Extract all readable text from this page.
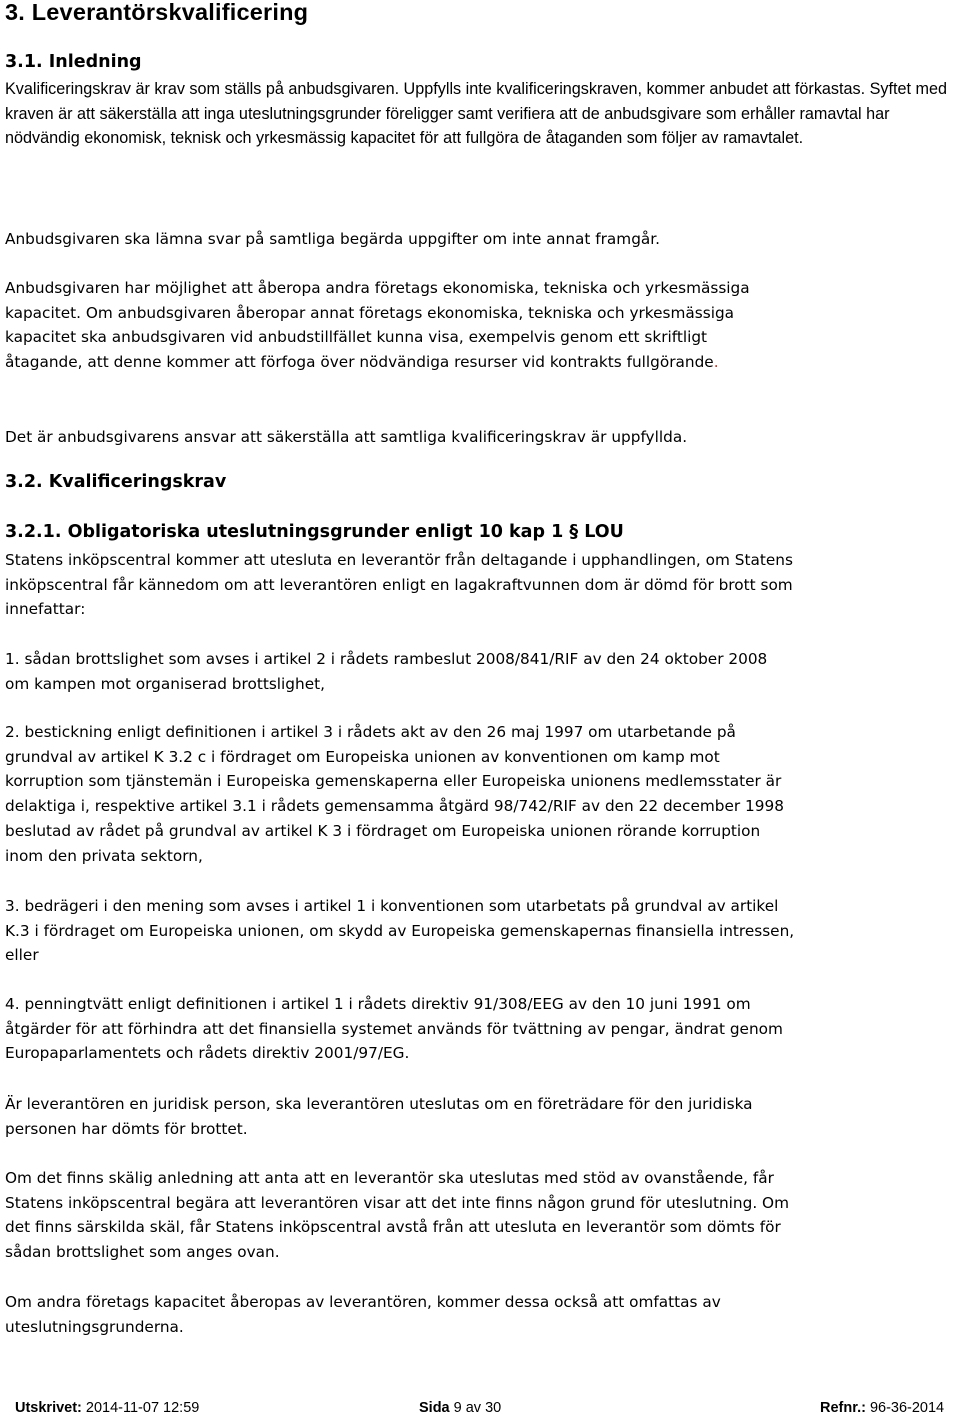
3. Leverantörskvalificering
3.1. Inledning

Kvalificeringskrav är krav som ställs på anbudsgivaren. Uppfylls inte kvalificeringskraven, kommer anbudet att förkastas. Syftet med kraven är att säkerställa att inga uteslutningsgrunder föreligger samt verifiera att de anbudsgivare som erhåller ramavtal har nödvändig ekonomisk, teknisk och yrkesmässig kapacitet för att fullgöra de åtaganden som följer av ramavtalet.

Anbudsgivaren ska lämna svar på samtliga begärda uppgifter om inte annat framgår.

Anbudsgivaren har möjlighet att åberopa andra företags ekonomiska, tekniska och yrkesmässiga kapacitet. Om anbudsgivaren åberopar annat företags ekonomiska, tekniska och yrkesmässiga kapacitet ska anbudsgivaren vid anbudstillfället kunna visa, exempelvis genom ett skriftligt åtagande, att denne kommer att förfoga över nödvändiga resurser vid kontrakts fullgörande.

Det är anbudsgivarens ansvar att säkerställa att samtliga kvalificeringskrav är uppfyllda.

3.2. Kvalificeringskrav
3.2.1. Obligatoriska uteslutningsgrunder enligt 10 kap 1 § LOU

Statens inköpscentral kommer att utesluta en leverantör från deltagande i upphandlingen, om Statens inköpscentral får kännedom om att leverantören enligt en lagakraftvunnen dom är dömd för brott som innefattar:

1. sådan brottslighet som avses i artikel 2 i rådets rambeslut 2008/841/RIF av den 24 oktober 2008 om kampen mot organiserad brottslighet,

2. bestickning enligt definitionen i artikel 3 i rådets akt av den 26 maj 1997 om utarbetande på grundval av artikel K 3.2 c i fördraget om Europeiska unionen av konventionen om kamp mot korruption som tjänstemän i Europeiska gemenskaperna eller Europeiska unionens medlemsstater är delaktiga i, respektive artikel 3.1 i rådets gemensamma åtgärd 98/742/RIF av den 22 december 1998 beslutad av rådet på grundval av artikel K 3 i fördraget om Europeiska unionen rörande korruption inom den privata sektorn,

3. bedrägeri i den mening som avses i artikel 1 i konventionen som utarbetats på grundval av artikel K.3 i fördraget om Europeiska unionen, om skydd av Europeiska gemenskapernas finansiella intressen, eller

4. penningtvätt enligt definitionen i artikel 1 i rådets direktiv 91/308/EEG av den 10 juni 1991 om åtgärder för att förhindra att det finansiella systemet används för tvättning av pengar, ändrat genom Europaparlamentets och rådets direktiv 2001/97/EG.

Är leverantören en juridisk person, ska leverantören uteslutas om en företrädare för den juridiska personen har dömts för brottet.

Om det finns skälig anledning att anta att en leverantör ska uteslutas med stöd av ovanstående, får Statens inköpscentral begära att leverantören visar att det inte finns någon grund för uteslutning. Om det finns särskilda skäl, får Statens inköpscentral avstå från att utesluta en leverantör som dömts för sådan brottslighet som anges ovan.

Om andra företags kapacitet åberopas av leverantören, kommer dessa också att omfattas av uteslutningsgrunderna.

Utskrivet: 2014-11-07 12:59	Sida 9 av 30	Refnr.: 96-36-2014
